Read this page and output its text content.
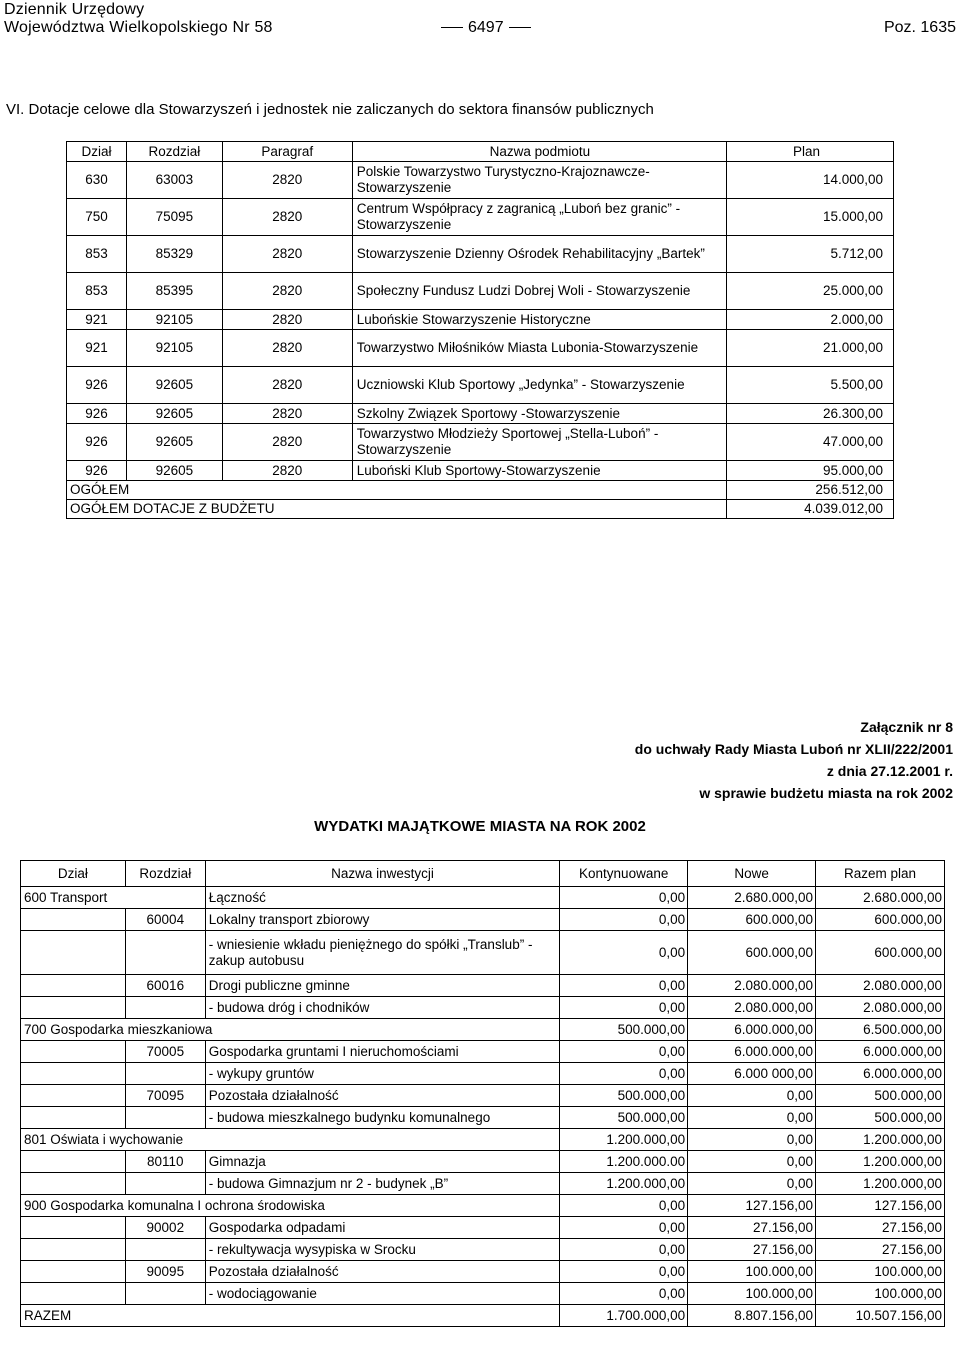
Dziennik Urzędowy
Województwa Wielkopolskiego Nr 58	6497	Poz. 1635
VI. Dotacje celowe dla Stowarzyszeń i jednostek nie zaliczanych do sektora finansów publicznych
Dział	Rozdział	Paragraf	Nazwa podmiotu	Plan
630	63003	2820	Polskie Towarzystwo Turystyczno-Krajoznawcze-Stowarzyszenie	14.000,00
750	75095	2820	Centrum Współpracy z zagranicą „Luboń bez granic” - Stowarzyszenie	15.000,00
853	85329	2820	Stowarzyszenie Dzienny Ośrodek Rehabilitacyjny „Bartek”	5.712,00
853	85395	2820	Społeczny Fundusz Ludzi Dobrej Woli - Stowarzyszenie	25.000,00
921	92105	2820	Lubońskie Stowarzyszenie Historyczne	2.000,00
921	92105	2820	Towarzystwo Miłośników Miasta Lubonia-Stowarzyszenie	21.000,00
926	92605	2820	Uczniowski Klub Sportowy „Jedynka” - Stowarzyszenie	5.500,00
926	92605	2820	Szkolny Związek Sportowy -Stowarzyszenie	26.300,00
926	92605	2820	Towarzystwo Młodzieży Sportowej „Stella-Luboń” - Stowarzyszenie	47.000,00
926	92605	2820	Luboński Klub Sportowy-Stowarzyszenie	95.000,00
OGÓŁEM				256.512,00
OGÓŁEM DOTACJE Z BUDŻETU				4.039.012,00
Załącznik nr 8
do uchwały Rady Miasta Luboń nr XLII/222/2001
z dnia 27.12.2001 r.
w sprawie budżetu miasta na rok 2002
WYDATKI MAJĄTKOWE MIASTA NA ROK 2002
Dział	Rozdział	Nazwa inwestycji	Kontynuowane	Nowe	Razem plan
600 Transport		Łączność	0,00	2.680.000,00	2.680.000,00
	60004	Lokalny transport zbiorowy	0,00	600.000,00	600.000,00
		- wniesienie wkładu pieniężnego do spółki „Translub” -zakup autobusu	0,00	600.000,00	600.000,00
	60016	Drogi publiczne gminne	0,00	2.080.000,00	2.080.000,00
		- budowa dróg i chodników	0,00	2.080.000,00	2.080.000,00
700 Gospodarka mieszkaniowa			500.000,00	6.000.000,00	6.500.000,00
	70005	Gospodarka gruntami I nieruchomościami	0,00	6.000.000,00	6.000.000,00
		- wykupy gruntów	0,00	6.000 000,00	6.000.000,00
	70095	Pozostała działalność	500.000,00	0,00	500.000,00
		- budowa mieszkalnego budynku komunalnego	500.000,00	0,00	500.000,00
801 Oświata i wychowanie			1.200.000,00	0,00	1.200.000,00
	80110	Gimnazja	1.200.000.00	0,00	1.200.000,00
		- budowa Gimnazjum nr 2 - budynek „B”	1.200.000,00	0,00	1.200.000,00
900 Gospodarka komunalna I ochrona środowiska			0,00	127.156,00	127.156,00
	90002	Gospodarka odpadami	0,00	27.156,00	27.156,00
		- rekultywacja wysypiska w Srocku	0,00	27.156,00	27.156,00
	90095	Pozostała działalność	0,00	100.000,00	100.000,00
		- wodociągowanie	0,00	100.000,00	100.000,00
RAZEM			1.700.000,00	8.807.156,00	10.507.156,00
